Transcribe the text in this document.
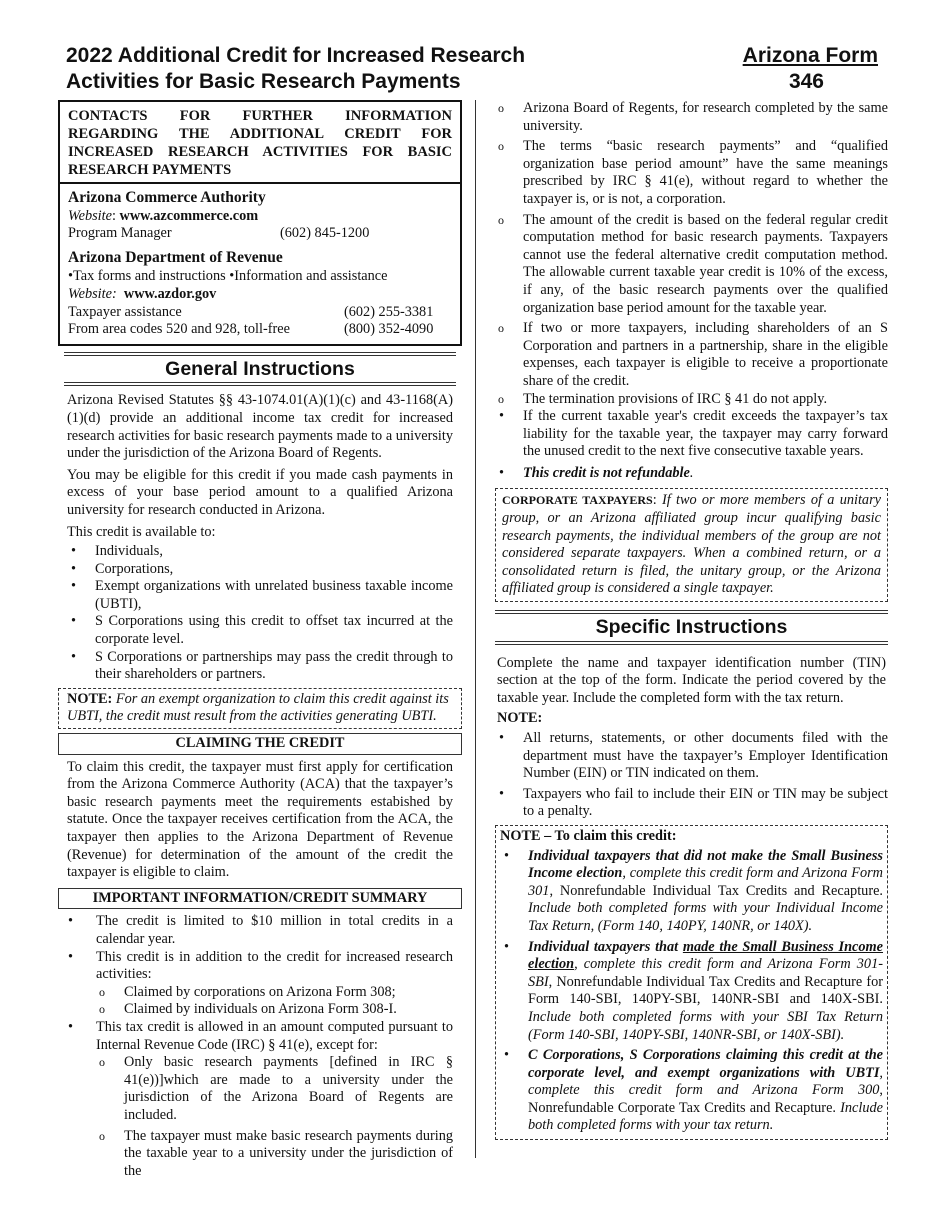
2022 Additional Credit for Increased Research
Activities for Basic Research Payments
Arizona Form
346
CONTACTS FOR FURTHER INFORMATION REGARDING THE ADDITIONAL CREDIT FOR INCREASED RESEARCH ACTIVITIES FOR BASIC RESEARCH PAYMENTS
Arizona Commerce Authority
Website: www.azcommerce.com
Program Manager	(602) 845-1200
Arizona Department of Revenue
•Tax forms and instructions •Information and assistance
Website: www.azdor.gov
Taxpayer assistance	(602) 255-3381
From area codes 520 and 928, toll-free	(800) 352-4090
General Instructions

Arizona Revised Statutes §§ 43-1074.01(A)(1)(c) and 43-1168(A)(1)(d) provide an additional income tax credit for increased research activities for basic research payments made to a university under the jurisdiction of the Arizona Board of Regents.

You may be eligible for this credit if you made cash payments in excess of your base period amount to a qualified Arizona university for research conducted in Arizona.

This credit is available to:

• Individuals,
• Corporations,
• Exempt organizations with unrelated business taxable income (UBTI),
• S Corporations using this credit to offset tax incurred at the corporate level.
• S Corporations or partnerships may pass the credit through to their shareholders or partners.
NOTE: For an exempt organization to claim this credit against its UBTI, the credit must result from the activities generating UBTI.
CLAIMING THE CREDIT

To claim this credit, the taxpayer must first apply for certification from the Arizona Commerce Authority (ACA) that the taxpayer’s basic research payments meet the requirements estabished by statute. Once the taxpayer receives certification from the ACA, the taxpayer then applies to the Arizona Department of Revenue (Revenue) for determination of the amount of the credit the taxpayer is eligible to claim.

IMPORTANT INFORMATION/CREDIT SUMMARY
• The credit is limited to $10 million in total credits in a calendar year.
• This credit is in addition to the credit for increased research activities:
o Claimed by corporations on Arizona Form 308;
o Claimed by individuals on Arizona Form 308-I.
• This tax credit is allowed in an amount computed pursuant to Internal Revenue Code (IRC) § 41(e), except for:
o Only basic research payments [defined in IRC § 41(e))]which are made to a university under the jurisdiction of the Arizona Board of Regents are included.
o The taxpayer must make basic research payments during the taxable year to a university under the jurisdiction of the
o Arizona Board of Regents, for research completed by the same university.
o The terms “basic research payments” and “qualified organization base period amount” have the same meanings prescribed by IRC § 41(e), without regard to whether the taxpayer is, or is not, a corporation.
o The amount of the credit is based on the federal regular credit computation method for basic research payments. Taxpayers cannot use the federal alternative credit computation method. The allowable current taxable year credit is 10% of the excess, if any, of the basic research payments over the qualified organization base period amount for the taxable year.
o If two or more taxpayers, including shareholders of an S Corporation and partners in a partnership, share in the eligible expenses, each taxpayer is eligible to receive a proportionate share of the credit.
o The termination provisions of IRC § 41 do not apply.
• If the current taxable year's credit exceeds the taxpayer’s tax liability for the taxable year, the taxpayer may carry forward the unused credit to the next five consecutive taxable years.
• This credit is not refundable.
CORPORATE TAXPAYERS: If two or more members of a unitary group, or an Arizona affiliated group incur qualifying basic research payments, the individual members of the group are not considered separate taxpayers. When a combined return, or a consolidated return is filed, the unitary group, or the Arizona affiliated group is considered a single taxpayer.
Specific Instructions

Complete the name and taxpayer identification number (TIN) section at the top of the form. Indicate the period covered by the taxable year. Include the completed form with the tax return.

NOTE:

• All returns, statements, or other documents filed with the department must have the taxpayer’s Employer Identification Number (EIN) or TIN indicated on them.
• Taxpayers who fail to include their EIN or TIN may be subject to a penalty.

NOTE – To claim this credit:

• Individual taxpayers that did not make the Small Business Income election, complete this credit form and Arizona Form 301, Nonrefundable Individual Tax Credits and Recapture. Include both completed forms with your Individual Income Tax Return, (Form 140, 140PY, 140NR, or 140X).
• Individual taxpayers that made the Small Business Income election, complete this credit form and Arizona Form 301-SBI, Nonrefundable Individual Tax Credits and Recapture for Form 140-SBI, 140PY-SBI, 140NR-SBI and 140X-SBI. Include both completed forms with your SBI Tax Return (Form 140-SBI, 140PY-SBI, 140NR-SBI, or 140X-SBI).
• C Corporations, S Corporations claiming this credit at the corporate level, and exempt organizations with UBTI, complete this credit form and Arizona Form 300, Nonrefundable Corporate Tax Credits and Recapture. Include both completed forms with your tax return.
